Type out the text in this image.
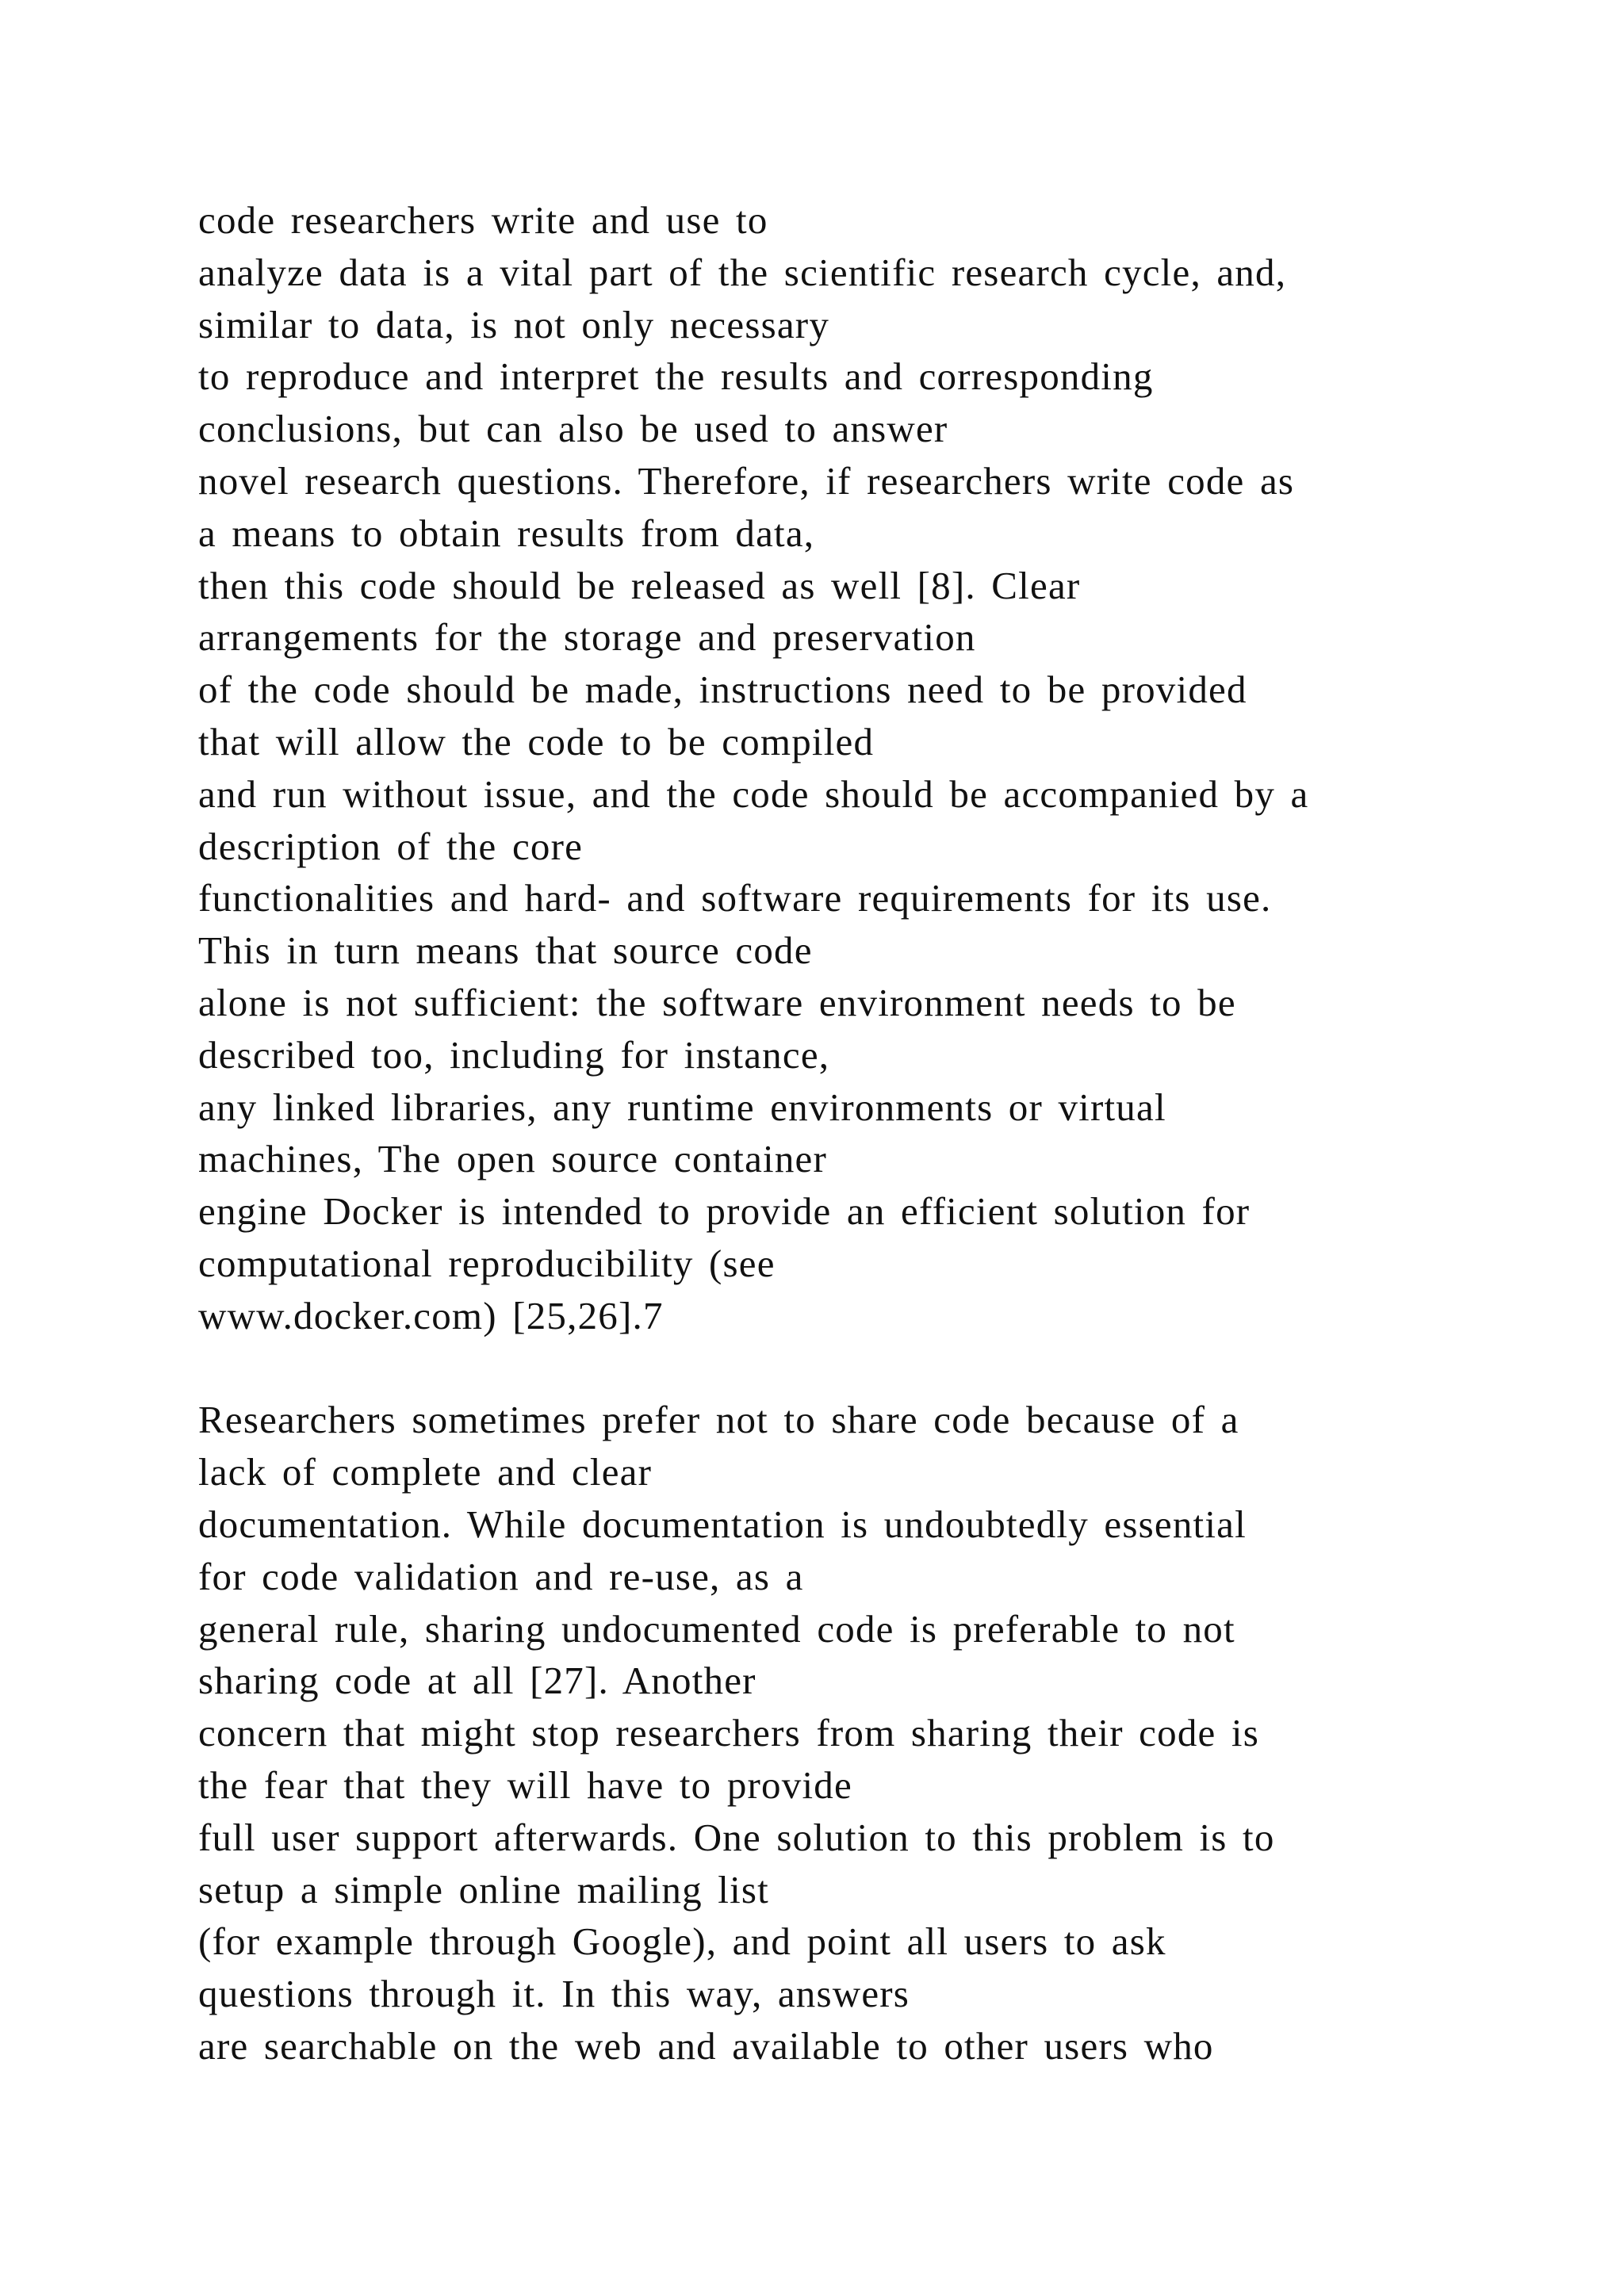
code researchers write and use to
analyze data is a vital part of the scientific research cycle, and,
similar to data, is not only necessary
to reproduce and interpret the results and corresponding
conclusions, but can also be used to answer
novel research questions. Therefore, if researchers write code as
a means to obtain results from data,
then this code should be released as well [8]. Clear
arrangements for the storage and preservation
of the code should be made, instructions need to be provided
that will allow the code to be compiled
and run without issue, and the code should be accompanied by a
description of the core
functionalities and hard- and software requirements for its use.
This in turn means that source code
alone is not sufficient: the software environment needs to be
described too, including for instance,
any linked libraries, any runtime environments or virtual
machines, The open source container
engine Docker is intended to provide an efficient solution for
computational reproducibility (see
www.docker.com) [25,26].7
Researchers sometimes prefer not to share code because of a
lack of complete and clear
documentation. While documentation is undoubtedly essential
for code validation and re-use, as a
general rule, sharing undocumented code is preferable to not
sharing code at all [27]. Another
concern that might stop researchers from sharing their code is
the fear that they will have to provide
full user support afterwards. One solution to this problem is to
setup a simple online mailing list
(for example through Google), and point all users to ask
questions through it. In this way, answers
are searchable on the web and available to other users who
